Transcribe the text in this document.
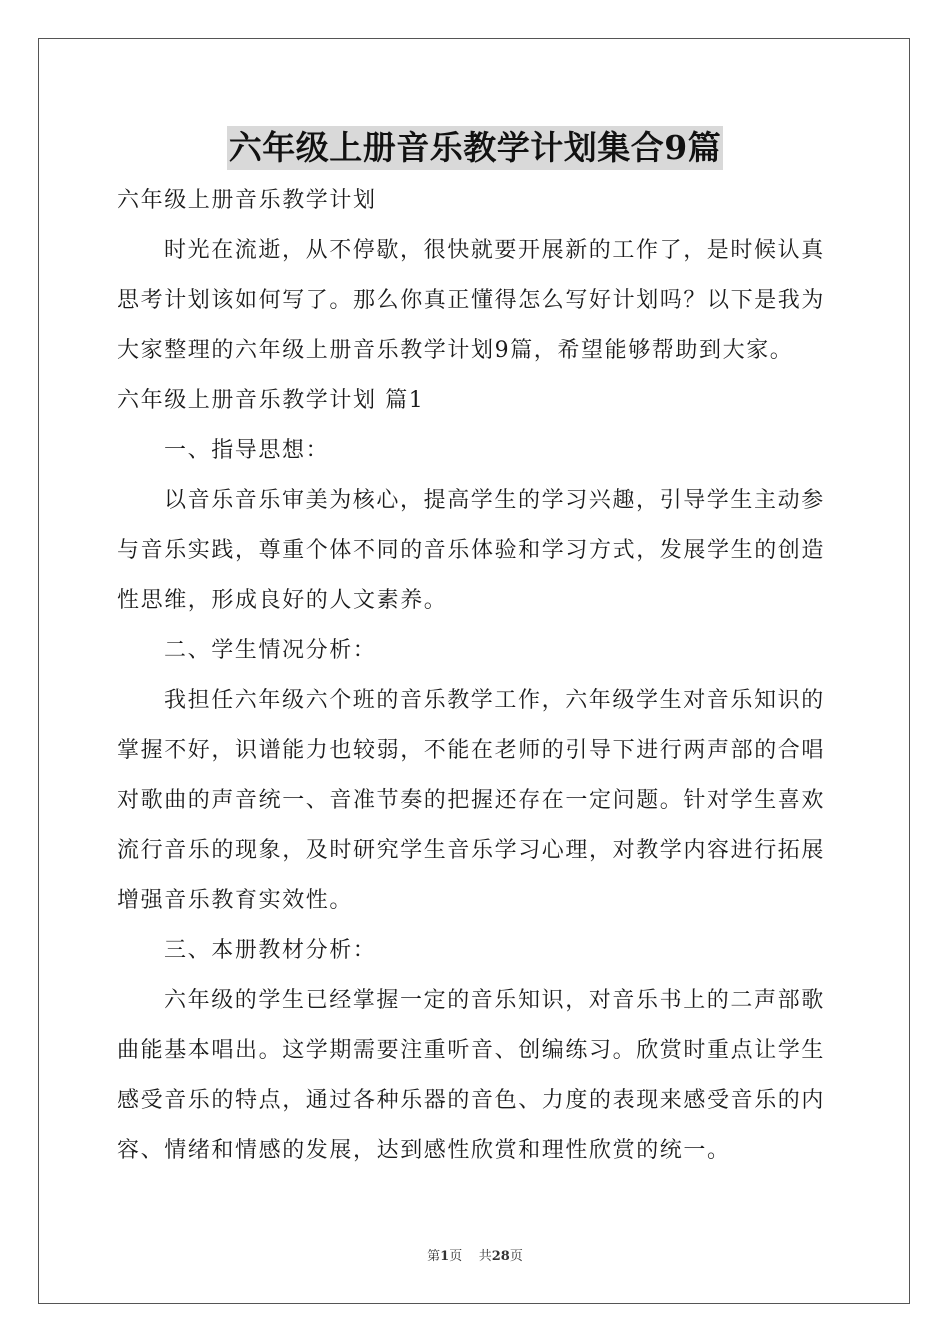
六年级上册音乐教学计划集合9篇
六年级上册音乐教学计划
时光在流逝，从不停歇，很快就要开展新的工作了，是时候认真
思考计划该如何写了。那么你真正懂得怎么写好计划吗？以下是我为
大家整理的六年级上册音乐教学计划9篇，希望能够帮助到大家。
六年级上册音乐教学计划 篇1
一、指导思想：
以音乐音乐审美为核心，提高学生的学习兴趣，引导学生主动参
与音乐实践，尊重个体不同的音乐体验和学习方式，发展学生的创造
性思维，形成良好的人文素养。
二、学生情况分析：
我担任六年级六个班的音乐教学工作，六年级学生对音乐知识的
掌握不好，识谱能力也较弱，不能在老师的引导下进行两声部的合唱
对歌曲的声音统一、音准节奏的把握还存在一定问题。针对学生喜欢
流行音乐的现象，及时研究学生音乐学习心理，对教学内容进行拓展
增强音乐教育实效性。
三、本册教材分析：
六年级的学生已经掌握一定的音乐知识，对音乐书上的二声部歌
曲能基本唱出。这学期需要注重听音、创编练习。欣赏时重点让学生
感受音乐的特点，通过各种乐器的音色、力度的表现来感受音乐的内
容、情绪和情感的发展，达到感性欣赏和理性欣赏的统一。
第1页 共28页
